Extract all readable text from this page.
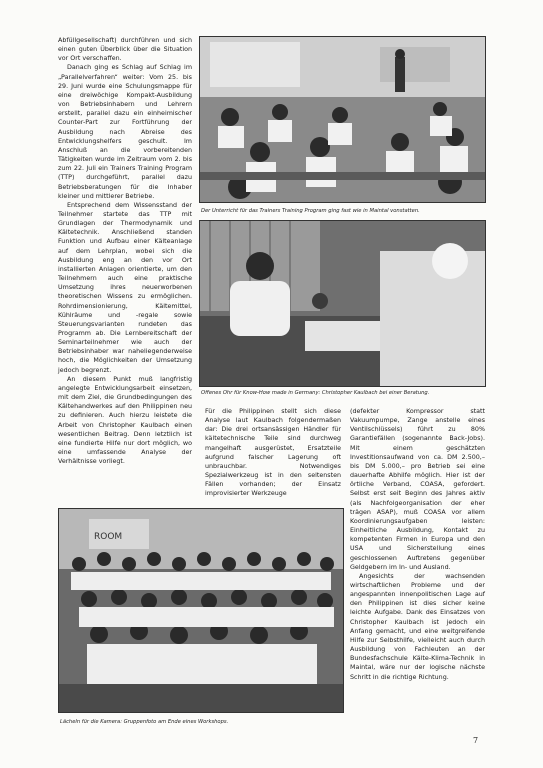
Abfüllgesellschaft) durchführen und sich einen guten Überblick über die Situation vor Ort verschaffen.

Danach ging es Schlag auf Schlag im „Parallelverfahren“ weiter: Vom 25. bis 29. Juni wurde eine Schulungsmappe für eine dreiwöchige Kompakt-Ausbildung von Betriebsinhabern und Lehrern erstellt, parallel dazu ein einheimischer Counter-Part zur Fortführung der Ausbildung nach Abreise des Entwicklungshelfers geschult. Im Anschluß an die vorbereitenden Tätigkeiten wurde im Zeitraum vom 2. bis zum 22. Juli ein Trainers Training Program (TTP) durchgeführt, parallel dazu Betriebsberatungen für die Inhaber kleiner und mittlerer Betriebe.

Entsprechend dem Wissensstand der Teilnehmer startete das TTP mit Grundlagen der Thermodynamik und Kältetechnik. Anschließend standen Funktion und Aufbau einer Kälteanlage auf dem Lehrplan, wobei sich die Ausbildung eng an den vor Ort installierten Anlagen orientierte, um den Teilnehmern auch eine praktische Umsetzung ihres neuerworbenen theoretischen Wissens zu ermöglichen. Rohrdimensionierung, Kältemittel, Kühlräume und -regale sowie Steuerungsvarianten rundeten das Programm ab. Die Lernbereitschaft der Seminarteilnehmer wie auch der Betriebsinhaber war naheliegenderweise hoch, die Möglichkeiten der Umsetzung jedoch begrenzt.

An diesem Punkt muß langfristig angelegte Entwicklungsarbeit einsetzen, mit dem Ziel, die Grundbedingungen des Kältehandwerkes auf den Philippinen neu zu definieren. Auch hierzu leistete die Arbeit von Christopher Kaulbach einen wesentlichen Beitrag. Denn letztlich ist eine fundierte Hilfe nur dort möglich, wo eine umfassende Analyse der Verhältnisse vorliegt.

Der Unterricht für das Trainers Training Program ging fast wie in Maintal vonstatten.

Offenes Ohr für Know-How made in Germany: Christopher Kaulbach bei einer Beratung.

Für die Philippinen stellt sich diese Analyse laut Kaulbach folgendermaßen dar: Die drei ortsansässigen Händler für kältetechnische Teile sind durchweg mangelhaft ausgerüstet, Ersatzteile aufgrund falscher Lagerung oft unbrauchbar. Notwendiges Spezialwerkzeug ist in den seltensten Fällen vorhanden; der Einsatz improvisierter Werkzeuge

(defekter Kompressor statt Vakuumpumpe, Zange anstelle eines Ventilschlüssels) führt zu 80% Garantiefällen (sogenannte Back-Jobs). Mit einem geschätzten Investitionsaufwand von ca. DM 2.500,– bis DM 5.000,– pro Betrieb sei eine dauerhafte Abhilfe möglich. Hier ist der örtliche Verband, COASA, gefordert. Selbst erst seit Beginn des Jahres aktiv (als Nachfolgeorganisation der eher trägen ASAP), muß COASA vor allem Koordinierungsaufgaben leisten: Einheitliche Ausbildung, Kontakt zu kompetenten Firmen in Europa und den USA und Sicherstellung eines geschlossenen Auftretens gegenüber Geldgebern im In- und Ausland.

Angesichts der wachsenden wirtschaftlichen Probleme und der angespannten innenpolitischen Lage auf den Philippinen ist dies sicher keine leichte Aufgabe. Dank des Einsatzes von Christopher Kaulbach ist jedoch ein Anfang gemacht, und eine weitgreifende Hilfe zur Selbsthilfe, vielleicht auch durch Ausbildung von Fachleuten an der Bundesfachschule Kälte-Klima-Technik in Maintal, wäre nur der logische nächste Schritt in die richtige Richtung.

ROOM

Lächeln für die Kamera: Gruppenfoto am Ende eines Workshops.

7
